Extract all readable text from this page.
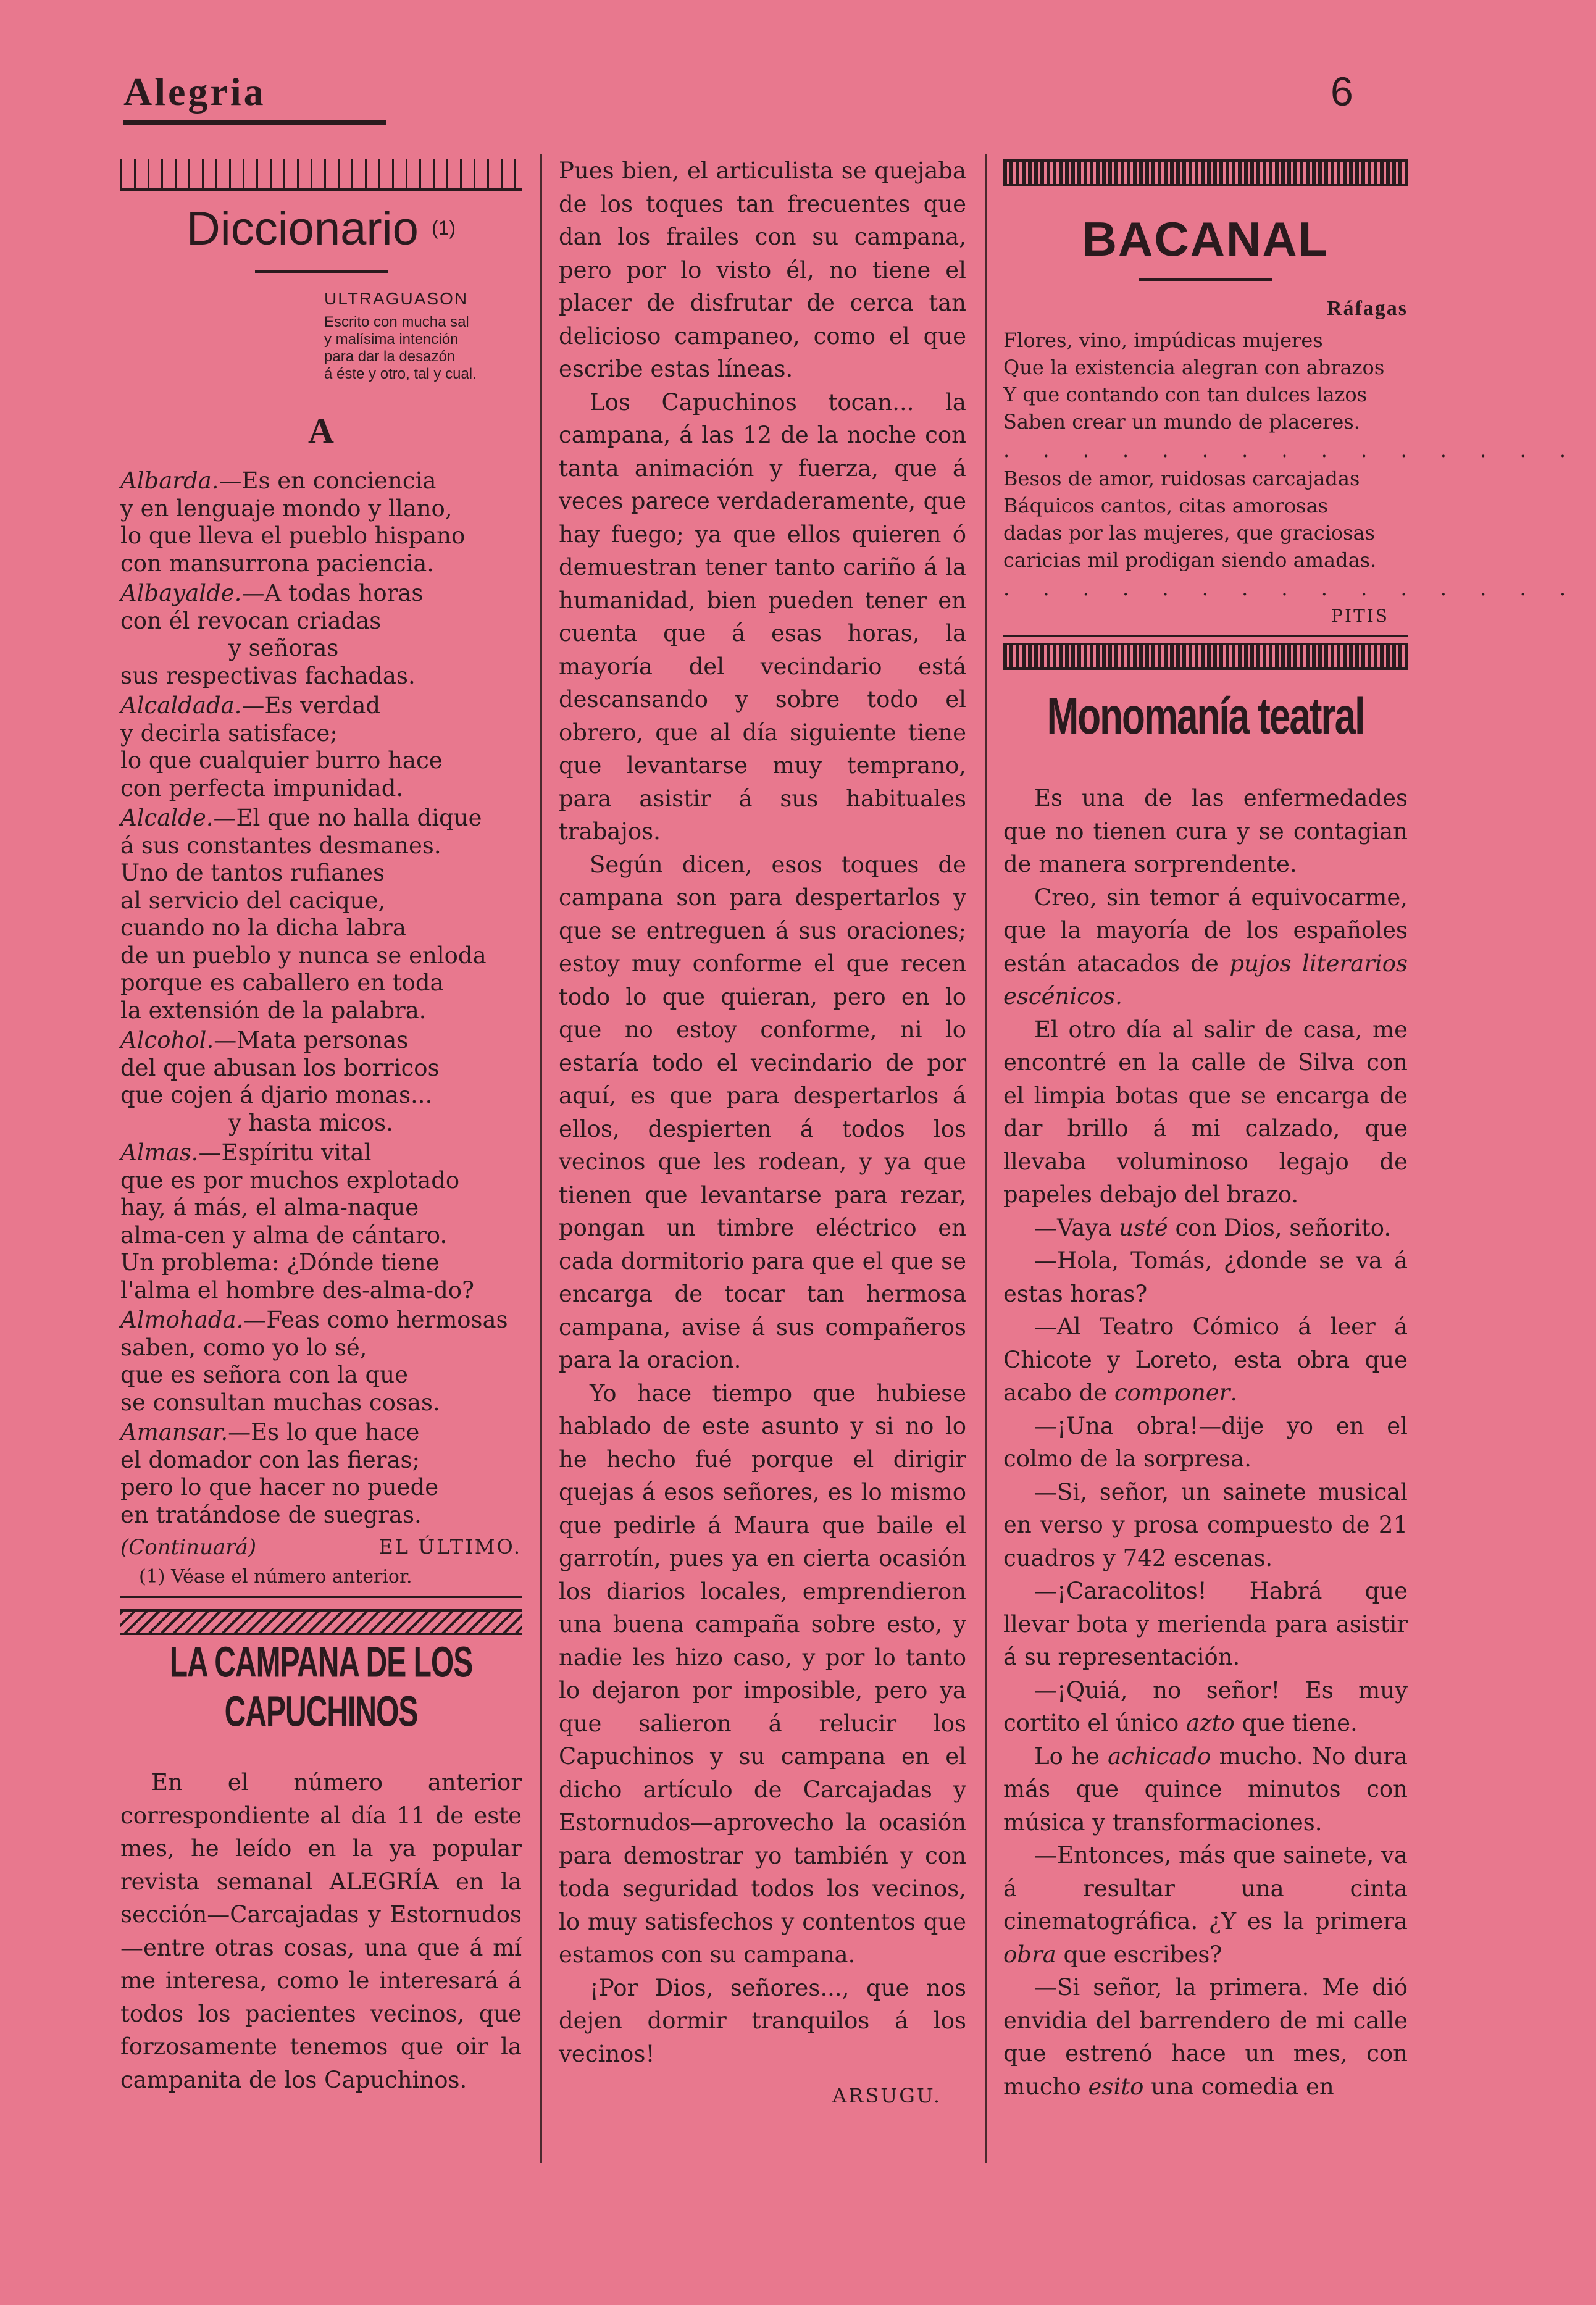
Alegria	6
Diccionario $^{(1)}$
ULTRAGUASON
Escrito con mucha sal
y malísima intención
para dar la desazón
á éste y otro, tal y cual.
A

Albarda.—Es en conciencia

y en lenguaje mondo y llano,

lo que lleva el pueblo hispano

con mansurrona paciencia.

Albayalde.—A todas horas

con él revocan criadas

y señoras

sus respectivas fachadas.

Alcaldada.—Es verdad

y decirla satisface;

lo que cualquier burro hace

con perfecta impunidad.

Alcalde.—El que no halla dique

á sus constantes desmanes.

Uno de tantos rufianes

al servicio del cacique,

cuando no la dicha labra

de un pueblo y nunca se enloda

porque es caballero en toda

la extensión de la palabra.

Alcohol.—Mata personas

del que abusan los borricos

que cojen á djario monas...

y hasta micos.

Almas.—Espíritu vital

que es por muchos explotado

hay, á más, el alma-naque

alma-cen y alma de cántaro.

Un problema: ¿Dónde tiene

l'alma el hombre des-alma-do?

Almohada.—Feas como hermosas

saben, como yo lo sé,

que es señora con la que

se consultan muchas cosas.

Amansar.—Es lo que hace

el domador con las fieras;

pero lo que hacer no puede

en tratándose de suegras.

(Continuará)	EL ÚLTIMO.
(1) Véase el número anterior.
LA CAMPANA DE LOS CAPUCHINOS

En el número anterior correspondiente al día 11 de este mes, he leído en la ya popular revista semanal ALEGRÍA en la sección—Carcajadas y Estornudos—entre otras cosas, una que á mí me interesa, como le interesará á todos los pacientes vecinos, que forzosamente tenemos que oir la campanita de los Capuchinos.

Pues bien, el articulista se quejaba de los toques tan frecuentes que dan los frailes con su campana, pero por lo visto él, no tiene el placer de disfrutar de cerca tan delicioso campaneo, como el que escribe estas líneas.

Los Capuchinos tocan... la campana, á las 12 de la noche con tanta animación y fuerza, que á veces parece verdaderamente, que hay fuego; ya que ellos quieren ó demuestran tener tanto cariño á la humanidad, bien pueden tener en cuenta que á esas horas, la mayoría del vecindario está descansando y sobre todo el obrero, que al día siguiente tiene que levantarse muy temprano, para asistir á sus habituales trabajos.

Según dicen, esos toques de campana son para despertarlos y que se entreguen á sus oraciones; estoy muy conforme el que recen todo lo que quieran, pero en lo que no estoy conforme, ni lo estaría todo el vecindario de por aquí, es que para despertarlos á ellos, despierten á todos los vecinos que les rodean, y ya que tienen que levantarse para rezar, pongan un timbre eléctrico en cada dormitorio para que el que se encarga de tocar tan hermosa campana, avise á sus compañeros para la oracion.

Yo hace tiempo que hubiese hablado de este asunto y si no lo he hecho fué porque el dirigir quejas á esos señores, es lo mismo que pedirle á Maura que baile el garrotín, pues ya en cierta ocasión los diarios locales, emprendieron una buena campaña sobre esto, y nadie les hizo caso, y por lo tanto lo dejaron por imposible, pero ya que salieron á relucir los Capuchinos y su campana en el dicho artículo de Carcajadas y Estornudos—aprovecho la ocasión para demostrar yo también y con toda seguridad todos los vecinos, lo muy satisfechos y contentos que estamos con su campana.

¡Por Dios, señores..., que nos dejen dormir tranquilos á los vecinos!

ARSUGU.
BACANAL
Ráfagas

Flores, vino, impúdicas mujeres

Que la existencia alegran con abrazos

Y que contando con tan dulces lazos

Saben crear un mundo de placeres.

. . . . . . . . . . . . . . .

Besos de amor, ruidosas carcajadas

Báquicos cantos, citas amorosas

dadas por las mujeres, que graciosas

caricias mil prodigan siendo amadas.

. . . . . . . . . . . . . . .
PITIS
Monomanía teatral

Es una de las enfermedades que no tienen cura y se contagian de manera sorprendente.

Creo, sin temor á equivocarme, que la mayoría de los españoles están atacados de pujos literarios escénicos.

El otro día al salir de casa, me encontré en la calle de Silva con el limpia botas que se encarga de dar brillo á mi calzado, que llevaba voluminoso legajo de papeles debajo del brazo.

—Vaya usté con Dios, señorito.

—Hola, Tomás, ¿donde se va á estas horas?

—Al Teatro Cómico á leer á Chicote y Loreto, esta obra que acabo de componer.

—¡Una obra!—dije yo en el colmo de la sorpresa.

—Si, señor, un sainete musical en verso y prosa compuesto de 21 cuadros y 742 escenas.

—¡Caracolitos! Habrá que llevar bota y merienda para asistir á su representación.

—¡Quiá, no señor! Es muy cortito el único azto que tiene.

Lo he achicado mucho. No dura más que quince minutos con música y transformaciones.

—Entonces, más que sainete, va á resultar una cinta cinematográfica. ¿Y es la primera obra que escribes?

—Si señor, la primera. Me dió envidia del barrendero de mi calle que estrenó hace un mes, con mucho esito una comedia en
